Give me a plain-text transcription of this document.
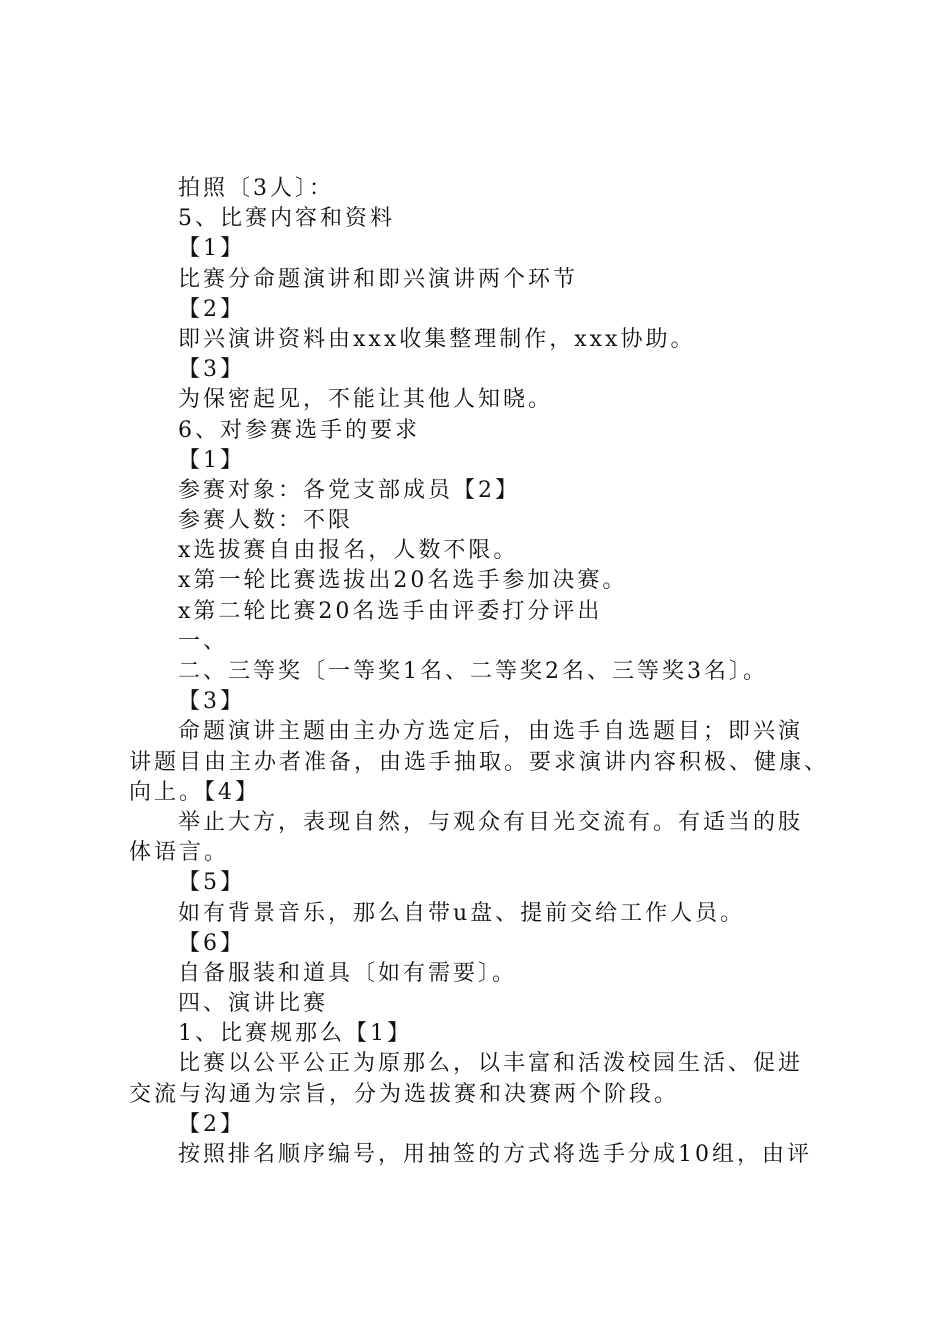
拍照〔3人〕：
5、比赛内容和资料
【1】
比赛分命题演讲和即兴演讲两个环节
【2】
即兴演讲资料由xxx收集整理制作，xxx协助。
【3】
为保密起见，不能让其他人知晓。
6、对参赛选手的要求
【1】
参赛对象：各党支部成员【2】
参赛人数：不限
x选拔赛自由报名，人数不限。
x第一轮比赛选拔出20名选手参加决赛。
x第二轮比赛20名选手由评委打分评出
一、
二、三等奖〔一等奖1名、二等奖2名、三等奖3名〕。
【3】
命题演讲主题由主办方选定后，由选手自选题目；即兴演
讲题目由主办者准备，由选手抽取。要求演讲内容积极、健康、
向上。【4】
举止大方，表现自然，与观众有目光交流有。有适当的肢
体语言。
【5】
如有背景音乐，那么自带u盘、提前交给工作人员。
【6】
自备服装和道具〔如有需要〕。
四、演讲比赛
1、比赛规那么【1】
比赛以公平公正为原那么，以丰富和活泼校园生活、促进
交流与沟通为宗旨，分为选拔赛和决赛两个阶段。
【2】
按照排名顺序编号，用抽签的方式将选手分成10组，由评
